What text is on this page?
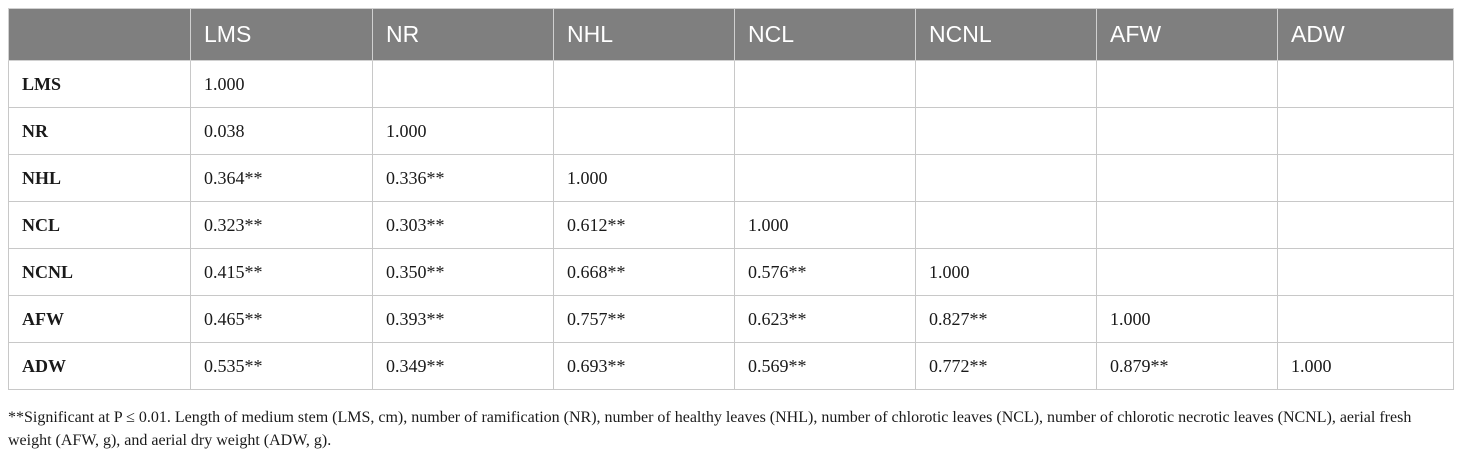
	LMS	NR	NHL	NCL	NCNL	AFW	ADW
LMS	1.000						
NR	0.038	1.000					
NHL	0.364**	0.336**	1.000				
NCL	0.323**	0.303**	0.612**	1.000			
NCNL	0.415**	0.350**	0.668**	0.576**	1.000		
AFW	0.465**	0.393**	0.757**	0.623**	0.827**	1.000	
ADW	0.535**	0.349**	0.693**	0.569**	0.772**	0.879**	1.000
**Significant at P ≤ 0.01. Length of medium stem (LMS, cm), number of ramification (NR), number of healthy leaves (NHL), number of chlorotic leaves (NCL), number of chlorotic necrotic leaves (NCNL), aerial fresh weight (AFW, g), and aerial dry weight (ADW, g).
